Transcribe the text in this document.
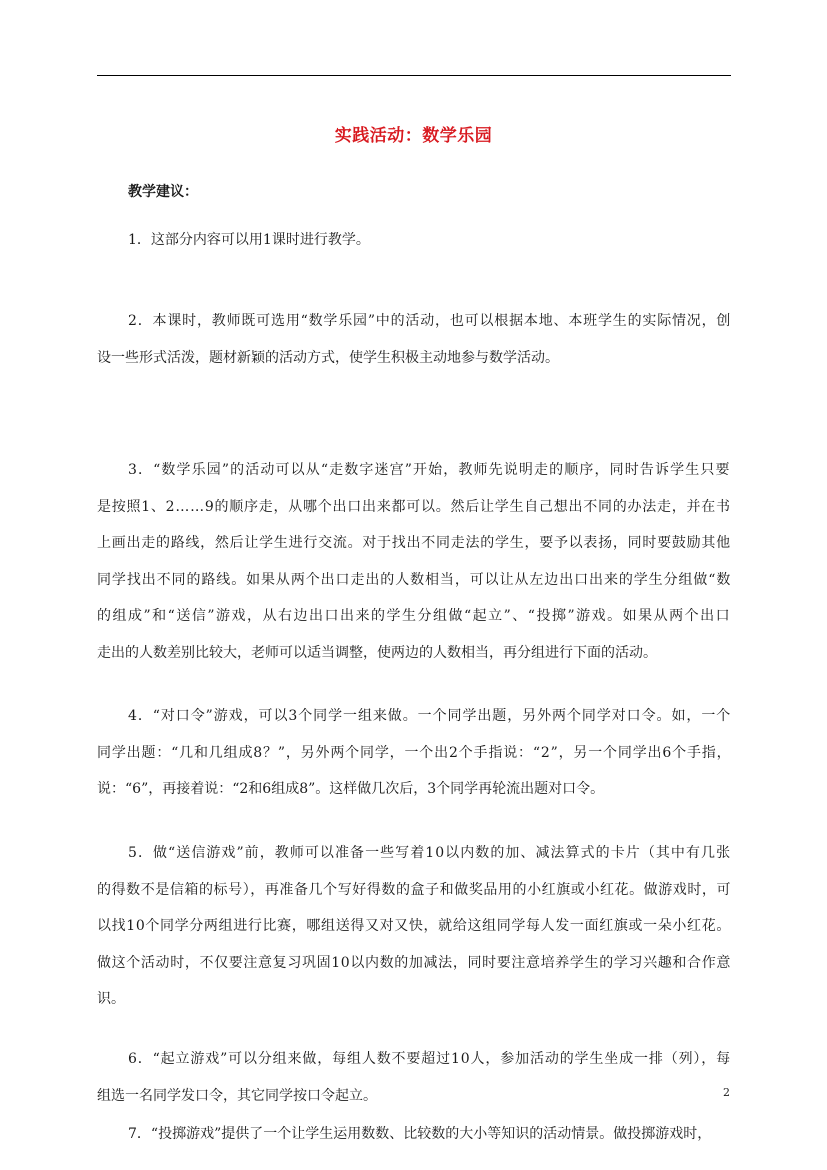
实践活动：数学乐园
教学建议：
1．这部分内容可以用1课时进行教学。
2．本课时，教师既可选用“数学乐园”中的活动，也可以根据本地、本班学生的实际情况，创
设一些形式活泼，题材新颖的活动方式，使学生积极主动地参与数学活动。
3．“数学乐园”的活动可以从“走数字迷宫”开始，教师先说明走的顺序，同时告诉学生只要
是按照1、2……9的顺序走，从哪个出口出来都可以。然后让学生自己想出不同的办法走，并在书
上画出走的路线，然后让学生进行交流。对于找出不同走法的学生，要予以表扬，同时要鼓励其他
同学找出不同的路线。如果从两个出口走出的人数相当，可以让从左边出口出来的学生分组做“数
的组成”和“送信”游戏，从右边出口出来的学生分组做“起立”、“投掷”游戏。如果从两个出口
走出的人数差别比较大，老师可以适当调整，使两边的人数相当，再分组进行下面的活动。
4．“对口令”游戏，可以3个同学一组来做。一个同学出题，另外两个同学对口令。如，一个
同学出题：“几和几组成8？”，另外两个同学，一个出2个手指说：“2”，另一个同学出6个手指，
说：“6”，再接着说：“2和6组成8”。这样做几次后，3个同学再轮流出题对口令。
5．做“送信游戏”前，教师可以准备一些写着10以内数的加、减法算式的卡片（其中有几张
的得数不是信箱的标号），再准备几个写好得数的盒子和做奖品用的小红旗或小红花。做游戏时，可
以找10个同学分两组进行比赛，哪组送得又对又快，就给这组同学每人发一面红旗或一朵小红花。
做这个活动时，不仅要注意复习巩固10以内数的加减法，同时要注意培养学生的学习兴趣和合作意
识。
6．“起立游戏”可以分组来做，每组人数不要超过10人，参加活动的学生坐成一排（列），每
组选一名同学发口令，其它同学按口令起立。
7．“投掷游戏”提供了一个让学生运用数数、比较数的大小等知识的活动情景。做投掷游戏时，
2
